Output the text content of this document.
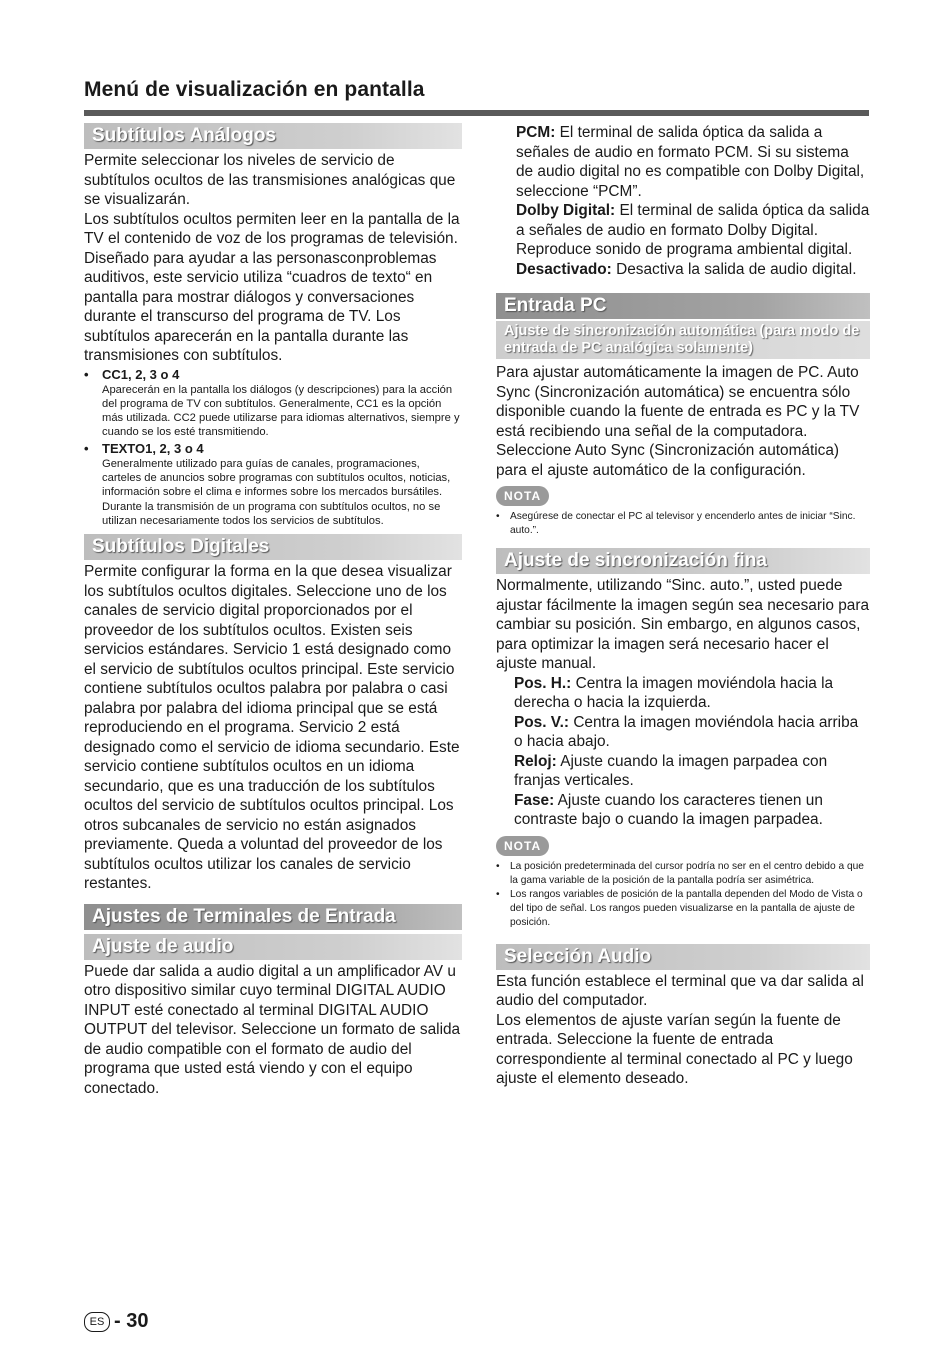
Menú de visualización en pantalla
Subtítulos Análogos

Permite seleccionar los niveles de servicio de subtítulos ocultos de las transmisiones analógicas que se visualizarán.

Los subtítulos ocultos permiten leer en la pantalla de la TV el contenido de voz de los programas de televisión. Diseñado para ayudar a las personasconproblemas auditivos, este servicio utiliza “cuadros de texto“ en pantalla para mostrar diálogos y conversaciones durante el transcurso del programa de TV. Los subtítulos aparecerán en la pantalla durante las transmisiones con subtítulos.

• CC1, 2, 3 o 4
Aparecerán en la pantalla los diálogos (y descripciones) para la acción del programa de TV con subtítulos. Generalmente, CC1 es la opción más utilizada. CC2 puede utilizarse para idiomas alternativos, siempre y cuando se los esté transmitiendo.
• TEXTO1, 2, 3 o 4
Generalmente utilizado para guías de canales, programaciones, carteles de anuncios sobre programas con subtítulos ocultos, noticias, información sobre el clima e informes sobre los mercados bursátiles. Durante la transmisión de un programa con subtítulos ocultos, no se utilizan necesariamente todos los servicios de subtítulos.
Subtítulos Digitales

Permite configurar la forma en la que desea visualizar los subtítulos ocultos digitales. Seleccione uno de los canales de servicio digital proporcionados por el proveedor de los subtítulos ocultos. Existen seis servicios estándares. Servicio 1 está designado como el servicio de subtítulos ocultos principal. Este servicio contiene subtítulos ocultos palabra por palabra o casi palabra por palabra del idioma principal que se está reproduciendo en el programa. Servicio 2 está designado como el servicio de idioma secundario. Este servicio contiene subtítulos ocultos en un idioma secundario, que es una traducción de los subtítulos ocultos del servicio de subtítulos ocultos principal. Los otros subcanales de servicio no están asignados previamente. Queda a voluntad del proveedor de los subtítulos ocultos utilizar los canales de servicio restantes.

Ajustes de Terminales de Entrada
Ajuste de audio

Puede dar salida a audio digital a un amplificador AV u otro dispositivo similar cuyo terminal DIGITAL AUDIO INPUT esté conectado al terminal DIGITAL AUDIO OUTPUT del televisor. Seleccione un formato de salida de audio compatible con el formato de audio del programa que usted está viendo y con el equipo conectado.

PCM: El terminal de salida óptica da salida a señales de audio en formato PCM. Si su sistema de audio digital no es compatible con Dolby Digital, seleccione “PCM”.
Dolby Digital: El terminal de salida óptica da salida a señales de audio en formato Dolby Digital. Reproduce sonido de programa ambiental digital.
Desactivado: Desactiva la salida de audio digital.
Entrada PC
Ajuste de sincronización automática (para modo de entrada de PC analógica solamente)

Para ajustar automáticamente la imagen de PC. Auto Sync (Sincronización automática) se encuentra sólo disponible cuando la fuente de entrada es PC y la TV está recibiendo una señal de la computadora. Seleccione Auto Sync (Sincronización automática) para el ajuste automático de la configuración.

NOTA
• Asegúrese de conectar el PC al televisor y encenderlo antes de iniciar “Sinc. auto.”.
Ajuste de sincronización fina

Normalmente, utilizando “Sinc. auto.”, usted puede ajustar fácilmente la imagen según sea necesario para cambiar su posición. Sin embargo, en algunos casos, para optimizar la imagen será necesario hacer el ajuste manual.

Pos. H.: Centra la imagen moviéndola hacia la derecha o hacia la izquierda.
Pos. V.: Centra la imagen moviéndola hacia arriba o hacia abajo.
Reloj: Ajuste cuando la imagen parpadea con franjas verticales.
Fase: Ajuste cuando los caracteres tienen un contraste bajo o cuando la imagen parpadea.
NOTA
• La posición predeterminada del cursor podría no ser en el centro debido a que la gama variable de la posición de la pantalla podría ser asimétrica.
• Los rangos variables de posición de la pantalla dependen del Modo de Vista o del tipo de señal. Los rangos pueden visualizarse en la pantalla de ajuste de posición.
Selección Audio

Esta función establece el terminal que va dar salida al audio del computador.

Los elementos de ajuste varían según la fuente de entrada. Seleccione la fuente de entrada correspondiente al terminal conectado al PC y luego ajuste el elemento deseado.

ES - 30
